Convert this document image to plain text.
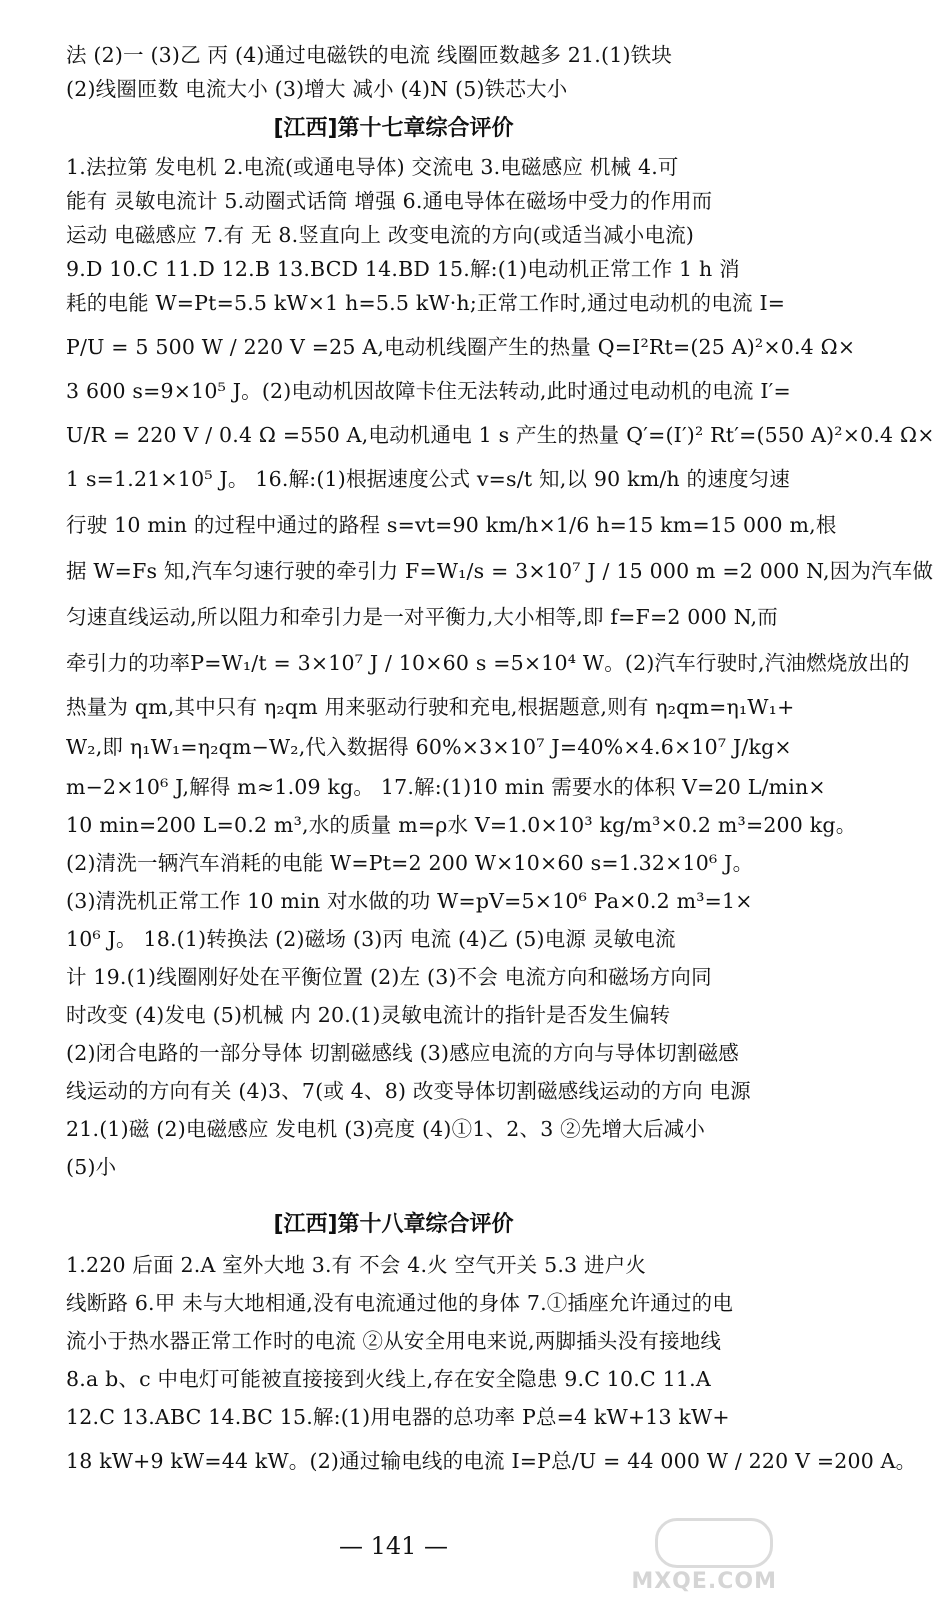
法 (2)一 (3)乙 丙 (4)通过电磁铁的电流 线圈匝数越多 21.(1)铁块
(2)线圈匝数 电流大小 (3)增大 减小 (4)N (5)铁芯大小
[江西]第十七章综合评价
1.法拉第 发电机 2.电流(或通电导体) 交流电 3.电磁感应 机械 4.可
能有 灵敏电流计 5.动圈式话筒 增强 6.通电导体在磁场中受力的作用而
运动 电磁感应 7.有 无 8.竖直向上 改变电流的方向(或适当减小电流)
9.D 10.C 11.D 12.B 13.BCD 14.BD 15.解:(1)电动机正常工作 1 h 消
耗的电能 W=Pt=5.5 kW×1 h=5.5 kW·h;正常工作时,通过电动机的电流 I=
P/U = 5 500 W / 220 V =25 A,电动机线圈产生的热量 Q=I²Rt=(25 A)²×0.4 Ω×
3 600 s=9×10⁵ J。(2)电动机因故障卡住无法转动,此时通过电动机的电流 I′=
U/R = 220 V / 0.4 Ω =550 A,电动机通电 1 s 产生的热量 Q′=(I′)² Rt′=(550 A)²×0.4 Ω×
1 s=1.21×10⁵ J。 16.解:(1)根据速度公式 v=s/t 知,以 90 km/h 的速度匀速
行驶 10 min 的过程中通过的路程 s=vt=90 km/h×1/6 h=15 km=15 000 m,根
据 W=Fs 知,汽车匀速行驶的牵引力 F=W₁/s = 3×10⁷ J / 15 000 m =2 000 N,因为汽车做
匀速直线运动,所以阻力和牵引力是一对平衡力,大小相等,即 f=F=2 000 N,而
牵引力的功率P=W₁/t = 3×10⁷ J / 10×60 s =5×10⁴ W。(2)汽车行驶时,汽油燃烧放出的
热量为 qm,其中只有 η₂qm 用来驱动行驶和充电,根据题意,则有 η₂qm=η₁W₁+
W₂,即 η₁W₁=η₂qm−W₂,代入数据得 60%×3×10⁷ J=40%×4.6×10⁷ J/kg×
m−2×10⁶ J,解得 m≈1.09 kg。 17.解:(1)10 min 需要水的体积 V=20 L/min×
10 min=200 L=0.2 m³,水的质量 m=ρ水 V=1.0×10³ kg/m³×0.2 m³=200 kg。
(2)清洗一辆汽车消耗的电能 W=Pt=2 200 W×10×60 s=1.32×10⁶ J。
(3)清洗机正常工作 10 min 对水做的功 W=pV=5×10⁶ Pa×0.2 m³=1×
10⁶ J。 18.(1)转换法 (2)磁场 (3)丙 电流 (4)乙 (5)电源 灵敏电流
计 19.(1)线圈刚好处在平衡位置 (2)左 (3)不会 电流方向和磁场方向同
时改变 (4)发电 (5)机械 内 20.(1)灵敏电流计的指针是否发生偏转
(2)闭合电路的一部分导体 切割磁感线 (3)感应电流的方向与导体切割磁感
线运动的方向有关 (4)3、7(或 4、8) 改变导体切割磁感线运动的方向 电源
21.(1)磁 (2)电磁感应 发电机 (3)亮度 (4)①1、2、3 ②先增大后减小
(5)小
[江西]第十八章综合评价
1.220 后面 2.A 室外大地 3.有 不会 4.火 空气开关 5.3 进户火
线断路 6.甲 未与大地相通,没有电流通过他的身体 7.①插座允许通过的电
流小于热水器正常工作时的电流 ②从安全用电来说,两脚插头没有接地线
8.a b、c 中电灯可能被直接接到火线上,存在安全隐患 9.C 10.C 11.A
12.C 13.ABC 14.BC 15.解:(1)用电器的总功率 P总=4 kW+13 kW+
18 kW+9 kW=44 kW。(2)通过输电线的电流 I=P总/U = 44 000 W / 220 V =200 A。
— 141 —
MXQE.COM
